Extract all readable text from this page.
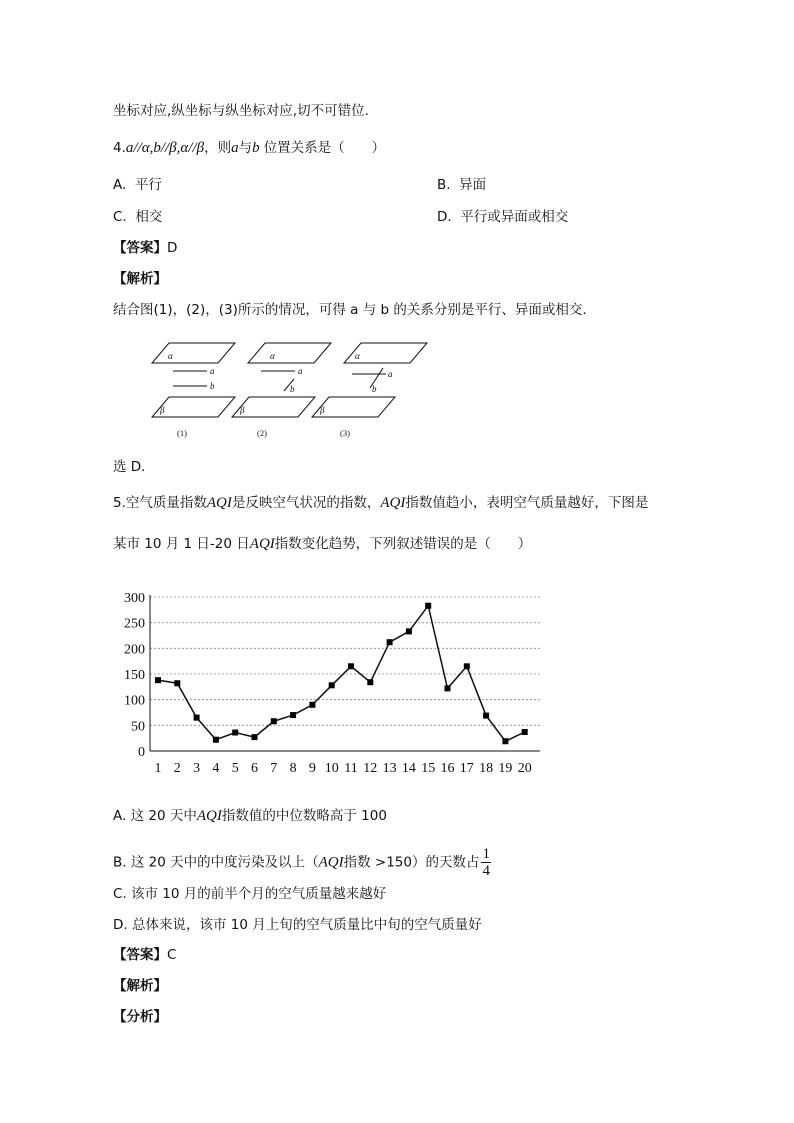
坐标对应,纵坐标与纵坐标对应,切不可错位.
4.a//α,b//β,α//β，则a与b 位置关系是（　　）
A. 平行	B. 异面
C. 相交	D. 平行或异面或相交
【答案】D
【解析】
结合图(1)，(2)，(3)所示的情况，可得 a 与 b 的关系分别是平行、异面或相交.
α
a
b
β
α
a
b
β
α
a
b
β
(1)	(2)	(3)
选 D.
5.空气质量指数AQI是反映空气状况的指数，AQI指数值趋小，表明空气质量越好，下图是
某市 10 月 1 日-20 日AQI指数变化趋势，下列叙述错误的是（　　）
0
50
100
150
200
250
300
1 2 3 4 5 6 7 8 9 10 11 12 13 14 15 16 17 18 19 20
A. 这 20 天中AQI指数值的中位数略高于 100
B. 这 20 天中的中度污染及以上（AQI指数 >150）的天数占 $\frac{1}{4}$
C. 该市 10 月的前半个月的空气质量越来越好
D. 总体来说，该市 10 月上旬的空气质量比中旬的空气质量好
【答案】C
【解析】
【分析】
